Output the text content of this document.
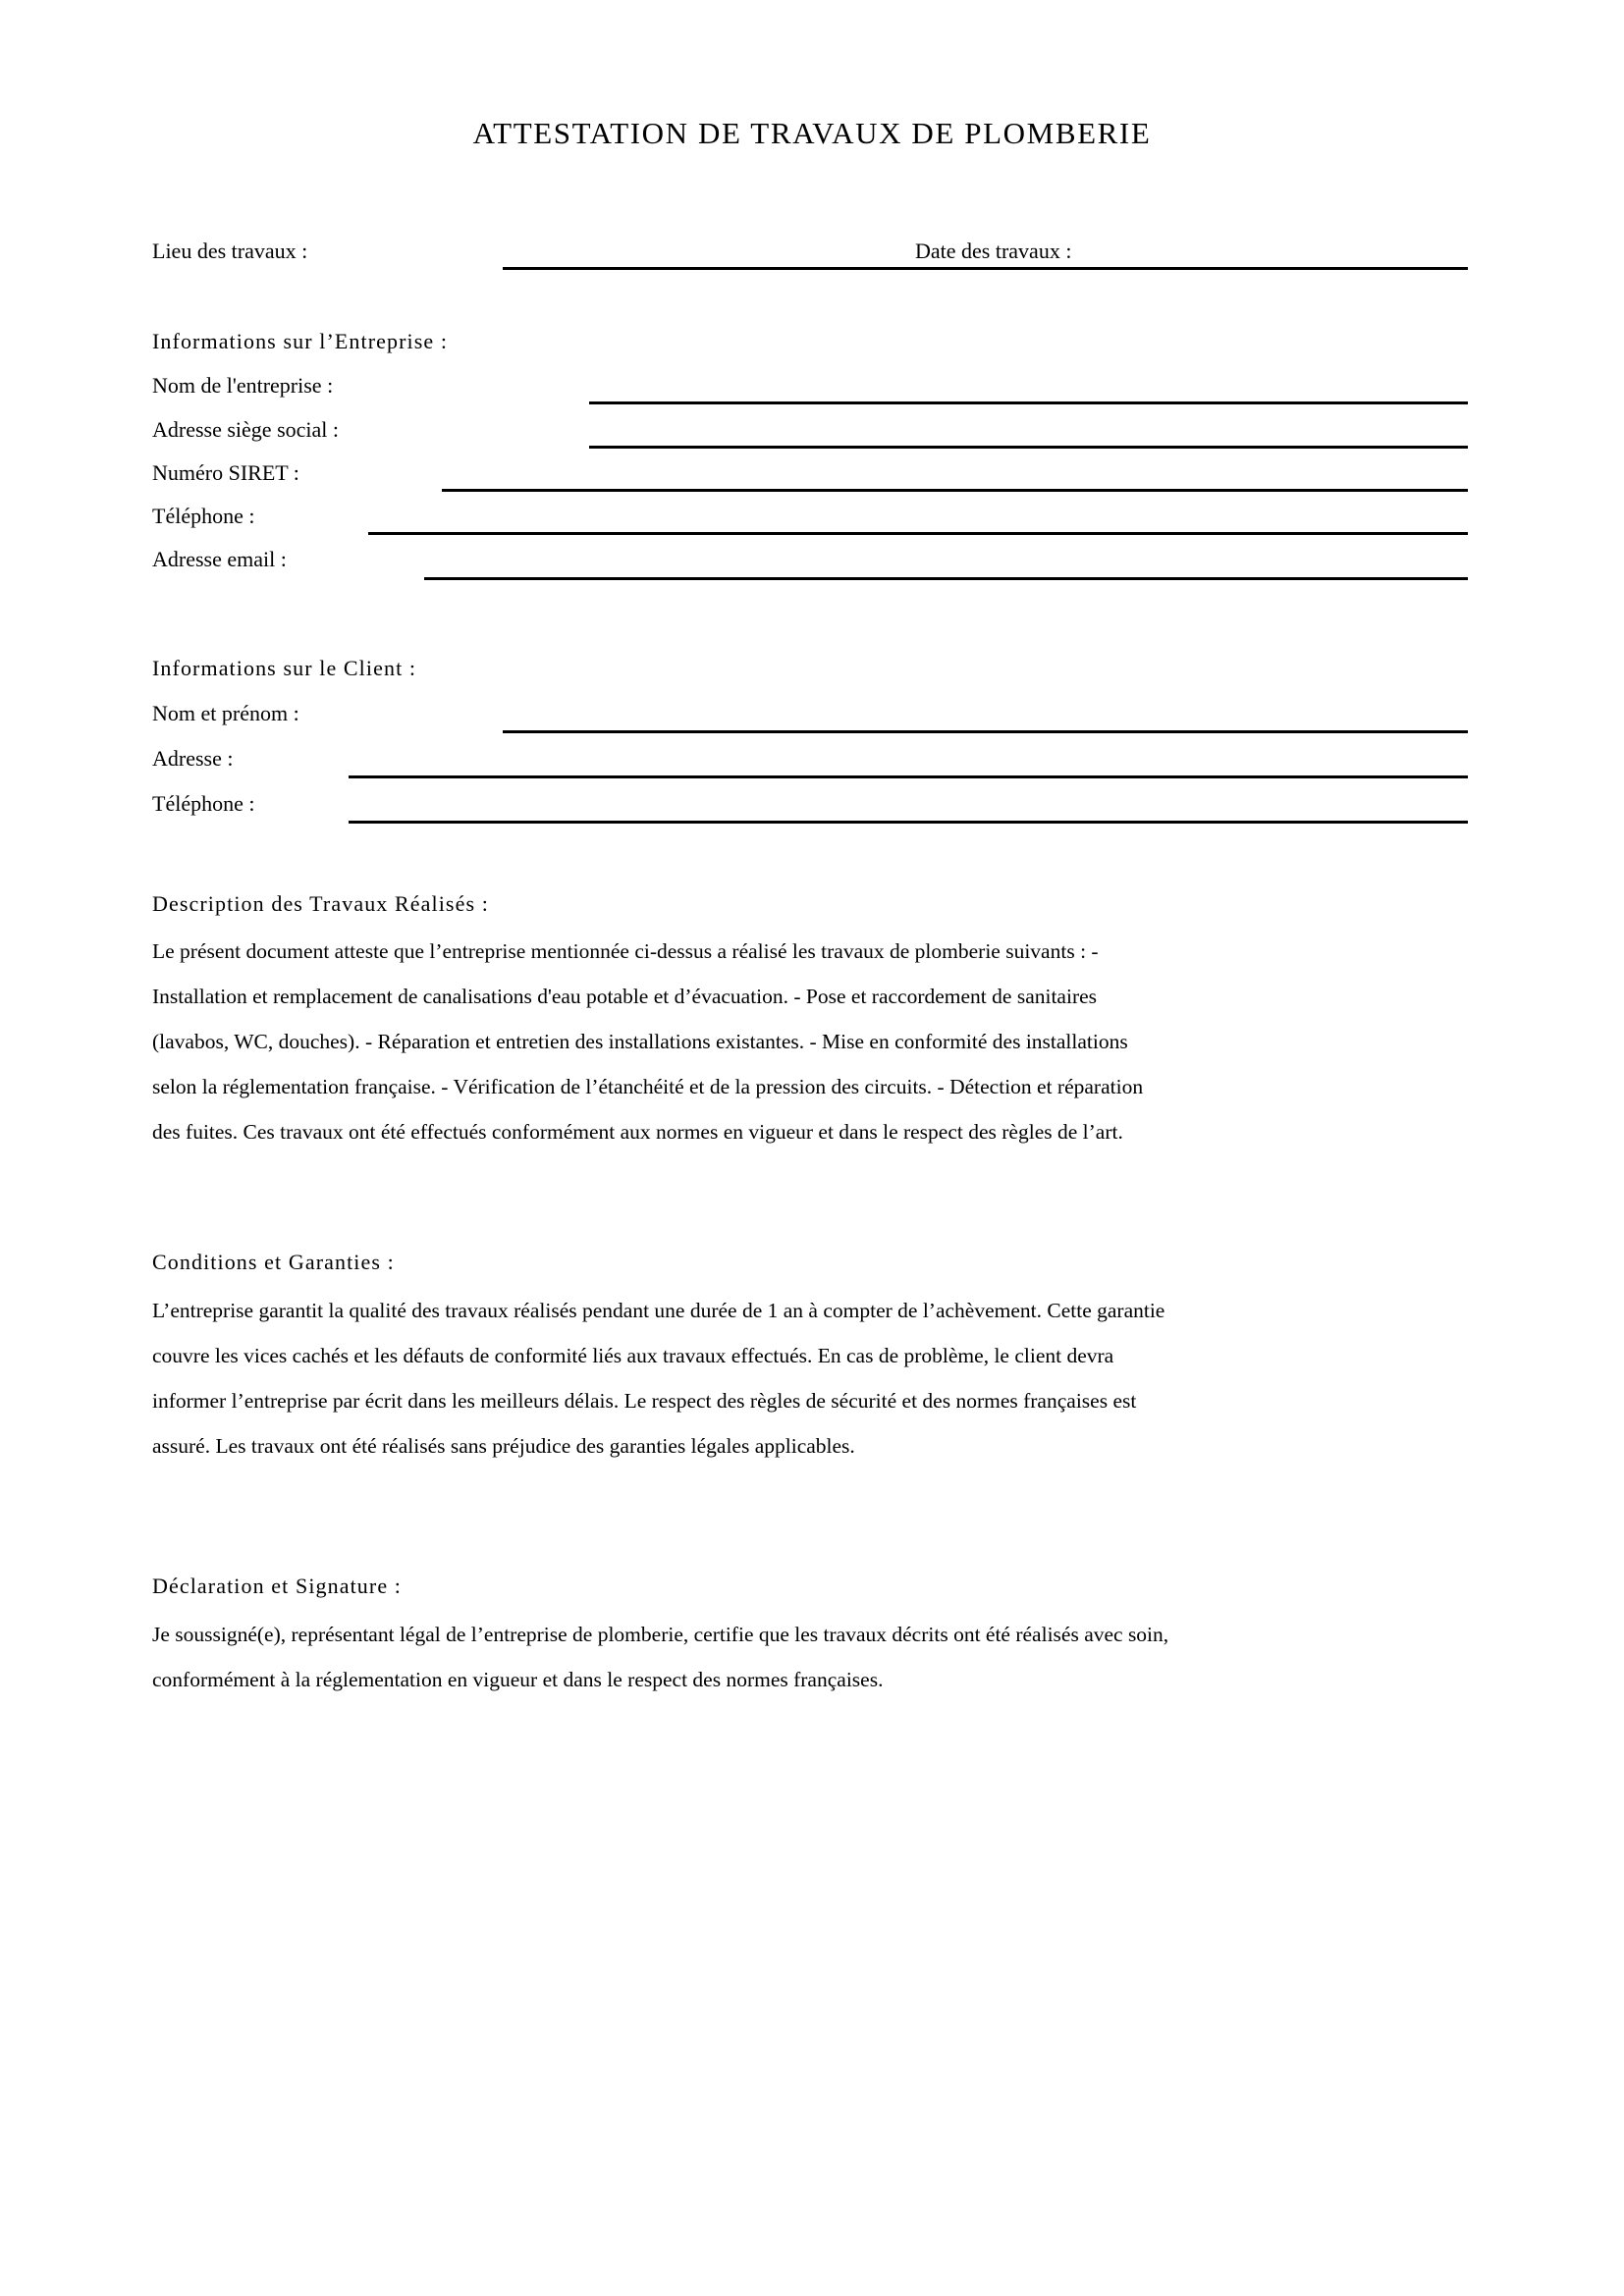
ATTESTATION DE TRAVAUX DE PLOMBERIE
Lieu des travaux :	Date des travaux :
Informations sur l’Entreprise :
Nom de l'entreprise :
Adresse siège social :
Numéro SIRET :
Téléphone :
Adresse email :
Informations sur le Client :
Nom et prénom :
Adresse :
Téléphone :
Description des Travaux Réalisés :
Le présent document atteste que l’entreprise mentionnée ci-dessus a réalisé les travaux de plomberie suivants : -
Installation et remplacement de canalisations d'eau potable et d’évacuation. - Pose et raccordement de sanitaires
(lavabos, WC, douches). - Réparation et entretien des installations existantes. - Mise en conformité des installations
selon la réglementation française. - Vérification de l’étanchéité et de la pression des circuits. - Détection et réparation
des fuites. Ces travaux ont été effectués conformément aux normes en vigueur et dans le respect des règles de l’art.
Conditions et Garanties :
L’entreprise garantit la qualité des travaux réalisés pendant une durée de 1 an à compter de l’achèvement. Cette garantie
couvre les vices cachés et les défauts de conformité liés aux travaux effectués. En cas de problème, le client devra
informer l’entreprise par écrit dans les meilleurs délais. Le respect des règles de sécurité et des normes françaises est
assuré. Les travaux ont été réalisés sans préjudice des garanties légales applicables.
Déclaration et Signature :
Je soussigné(e), représentant légal de l’entreprise de plomberie, certifie que les travaux décrits ont été réalisés avec soin,
conformément à la réglementation en vigueur et dans le respect des normes françaises.
